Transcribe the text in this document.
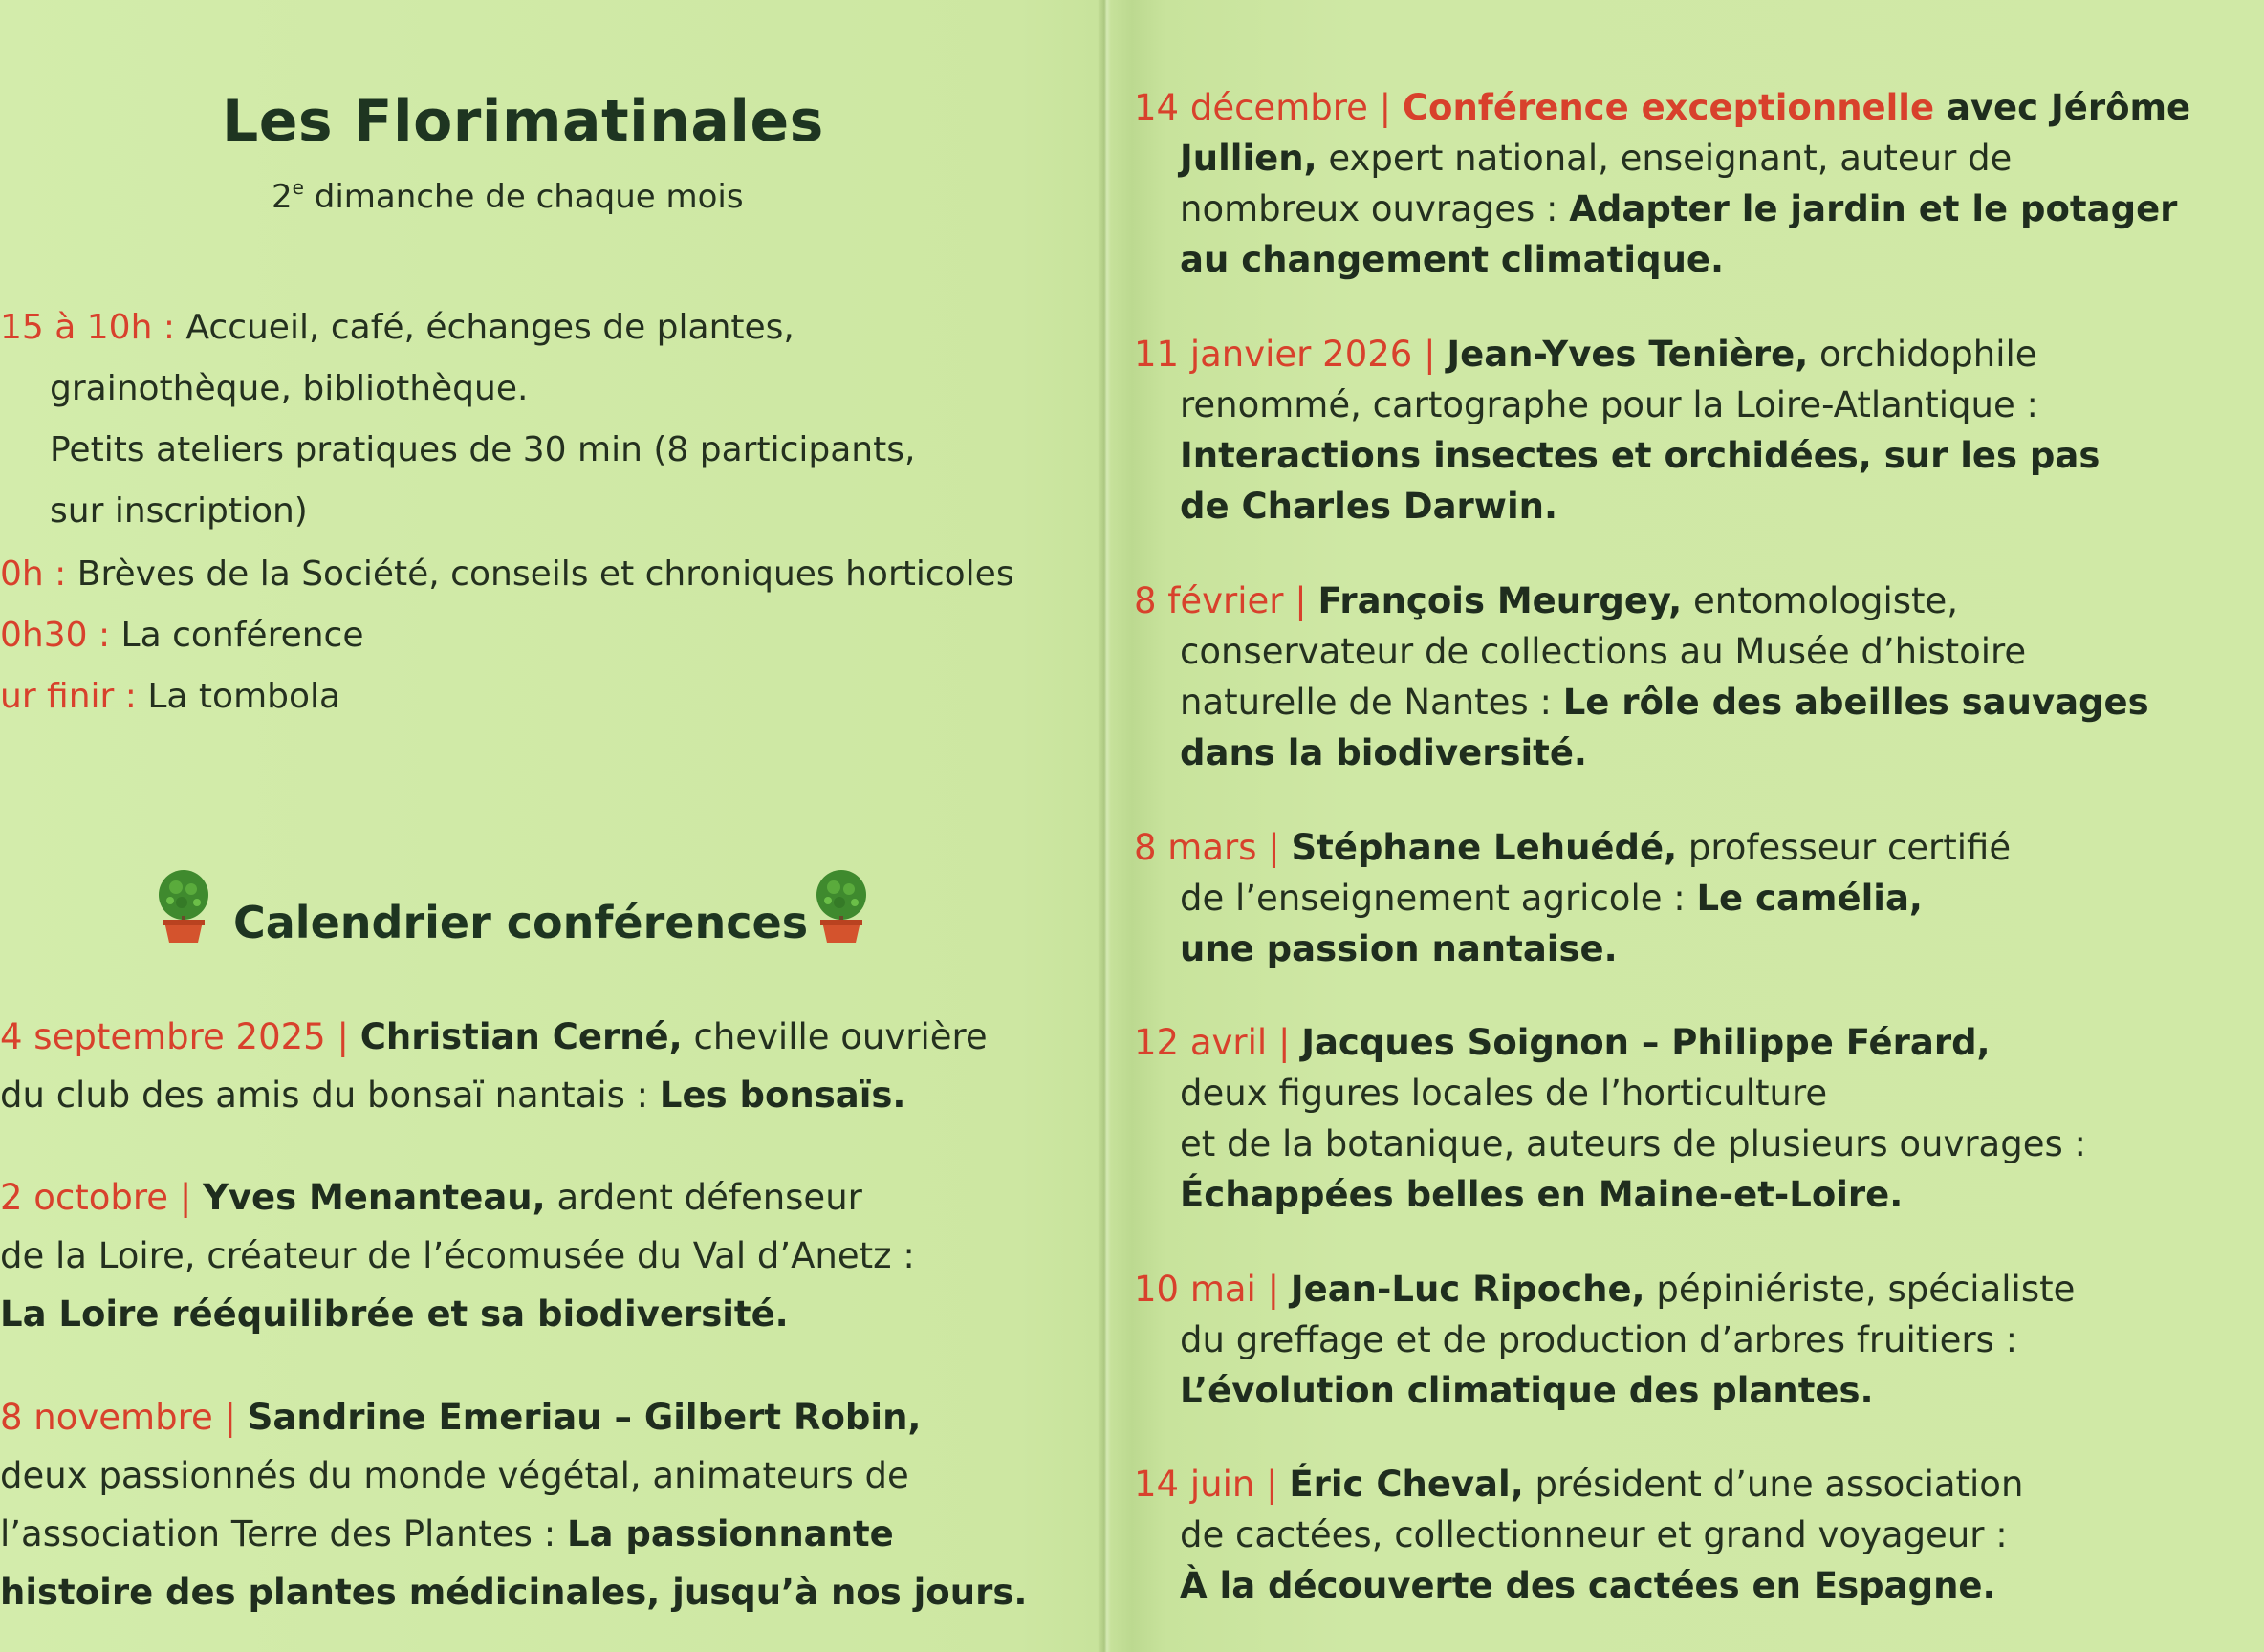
Les Florimatinales
2e dimanche de chaque mois
15 à 10h : Accueil, café, échanges de plantes,
grainothèque, bibliothèque.
Petits ateliers pratiques de 30 min (8 participants,
sur inscription)
0h : Brèves de la Société, conseils et chroniques horticoles
0h30 : La conférence
ur finir : La tombola
Calendrier conférences
4 septembre 2025 | Christian Cerné, cheville ouvrière
du club des amis du bonsaï nantais : Les bonsaïs.
2 octobre | Yves Menanteau, ardent défenseur
de la Loire, créateur de l’écomusée du Val d’Anetz :
La Loire rééquilibrée et sa biodiversité.
8 novembre | Sandrine Emeriau – Gilbert Robin,
deux passionnés du monde végétal, animateurs de
l’association Terre des Plantes : La passionnante
histoire des plantes médicinales, jusqu’à nos jours.
14 décembre | Conférence exceptionnelle avec Jérôme
Jullien, expert national, enseignant, auteur de
nombreux ouvrages : Adapter le jardin et le potager
au changement climatique.
11 janvier 2026 | Jean-Yves Tenière, orchidophile
renommé, cartographe pour la Loire-Atlantique :
Interactions insectes et orchidées, sur les pas
de Charles Darwin.
8 février | François Meurgey, entomologiste,
conservateur de collections au Musée d’histoire
naturelle de Nantes : Le rôle des abeilles sauvages
dans la biodiversité.
8 mars | Stéphane Lehuédé, professeur certifié
de l’enseignement agricole : Le camélia,
une passion nantaise.
12 avril | Jacques Soignon – Philippe Férard,
deux figures locales de l’horticulture
et de la botanique, auteurs de plusieurs ouvrages :
Échappées belles en Maine-et-Loire.
10 mai | Jean-Luc Ripoche, pépiniériste, spécialiste
du greffage et de production d’arbres fruitiers :
L’évolution climatique des plantes.
14 juin | Éric Cheval, président d’une association
de cactées, collectionneur et grand voyageur :
À la découverte des cactées en Espagne.
